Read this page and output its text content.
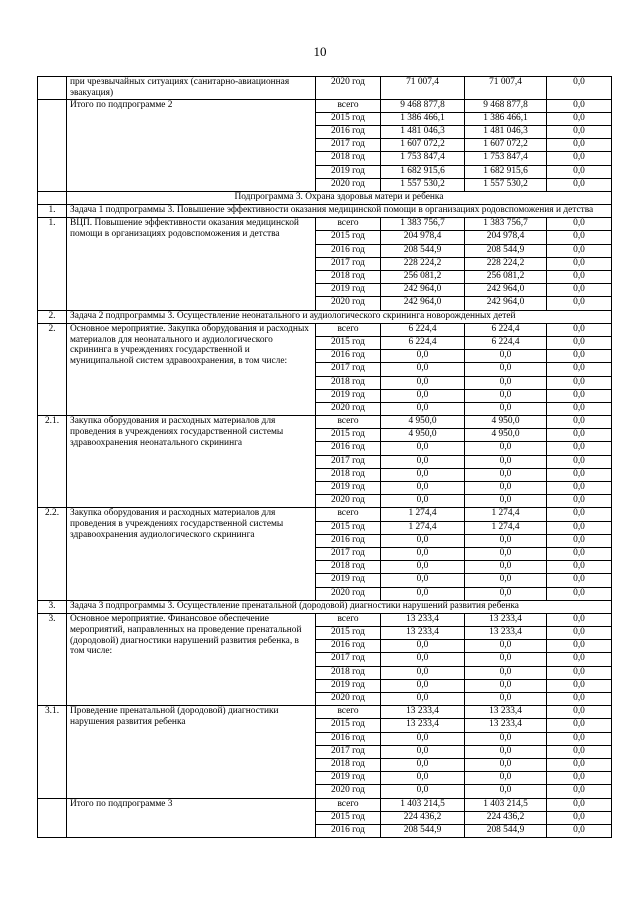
10
	при чрезвычайных ситуациях (санитарно-авиационная эвакуация)	2020 год	71 007,4	71 007,4	0,0
	Итого по подпрограмме 2	всего	9 468 877,8	9 468 877,8	0,0
		2015 год	1 386 466,1	1 386 466,1	0,0
		2016 год	1 481 046,3	1 481 046,3	0,0
		2017 год	1 607 072,2	1 607 072,2	0,0
		2018 год	1 753 847,4	1 753 847,4	0,0
		2019 год	1 682 915,6	1 682 915,6	0,0
		2020 год	1 557 530,2	1 557 530,2	0,0
	Подпрограмма 3. Охрана здоровья матери и ребенка				
1.	Задача 1 подпрограммы 3. Повышение эффективности оказания медицинской помощи в организациях родовспоможения и детства				
1.	ВЦП. Повышение эффективности оказания медицинской помощи в организациях родовспоможения и детства	всего	1 383 756,7	1 383 756,7	0,0
		2015 год	204 978,4	204 978,4	0,0
		2016 год	208 544,9	208 544,9	0,0
		2017 год	228 224,2	228 224,2	0,0
		2018 год	256 081,2	256 081,2	0,0
		2019 год	242 964,0	242 964,0	0,0
		2020 год	242 964,0	242 964,0	0,0
2.	Задача 2 подпрограммы 3. Осуществление неонатального и аудиологического скрининга новорожденных детей				
2.	Основное мероприятие. Закупка оборудования и расходных материалов для неонатального и аудиологического скрининга в учреждениях государственной и муниципальной систем здравоохранения, в том числе:	всего	6 224,4	6 224,4	0,0
		2015 год	6 224,4	6 224,4	0,0
		2016 год	0,0	0,0	0,0
		2017 год	0,0	0,0	0,0
		2018 год	0,0	0,0	0,0
		2019 год	0,0	0,0	0,0
		2020 год	0,0	0,0	0,0
2.1.	Закупка оборудования и расходных материалов для проведения в учреждениях государственной системы здравоохранения неонатального скрининга	всего	4 950,0	4 950,0	0,0
		2015 год	4 950,0	4 950,0	0,0
		2016 год	0,0	0,0	0,0
		2017 год	0,0	0,0	0,0
		2018 год	0,0	0,0	0,0
		2019 год	0,0	0,0	0,0
		2020 год	0,0	0,0	0,0
2.2.	Закупка оборудования и расходных материалов для проведения в учреждениях государственной системы здравоохранения аудиологического скрининга	всего	1 274,4	1 274,4	0,0
		2015 год	1 274,4	1 274,4	0,0
		2016 год	0,0	0,0	0,0
		2017 год	0,0	0,0	0,0
		2018 год	0,0	0,0	0,0
		2019 год	0,0	0,0	0,0
		2020 год	0,0	0,0	0,0
3.	Задача 3 подпрограммы 3. Осуществление пренатальной (дородовой) диагностики нарушений развития ребенка				
3.	Основное мероприятие. Финансовое обеспечение мероприятий, направленных на проведение пренатальной (дородовой) диагностики нарушений развития ребенка, в том числе:	всего	13 233,4	13 233,4	0,0
		2015 год	13 233,4	13 233,4	0,0
		2016 год	0,0	0,0	0,0
		2017 год	0,0	0,0	0,0
		2018 год	0,0	0,0	0,0
		2019 год	0,0	0,0	0,0
		2020 год	0,0	0,0	0,0
3.1.	Проведение пренатальной (дородовой) диагностики нарушения развития ребенка	всего	13 233,4	13 233,4	0,0
		2015 год	13 233,4	13 233,4	0,0
		2016 год	0,0	0,0	0,0
		2017 год	0,0	0,0	0,0
		2018 год	0,0	0,0	0,0
		2019 год	0,0	0,0	0,0
		2020 год	0,0	0,0	0,0
	Итого по подпрограмме 3	всего	1 403 214,5	1 403 214,5	0,0
		2015 год	224 436,2	224 436,2	0,0
		2016 год	208 544,9	208 544,9	0,0
